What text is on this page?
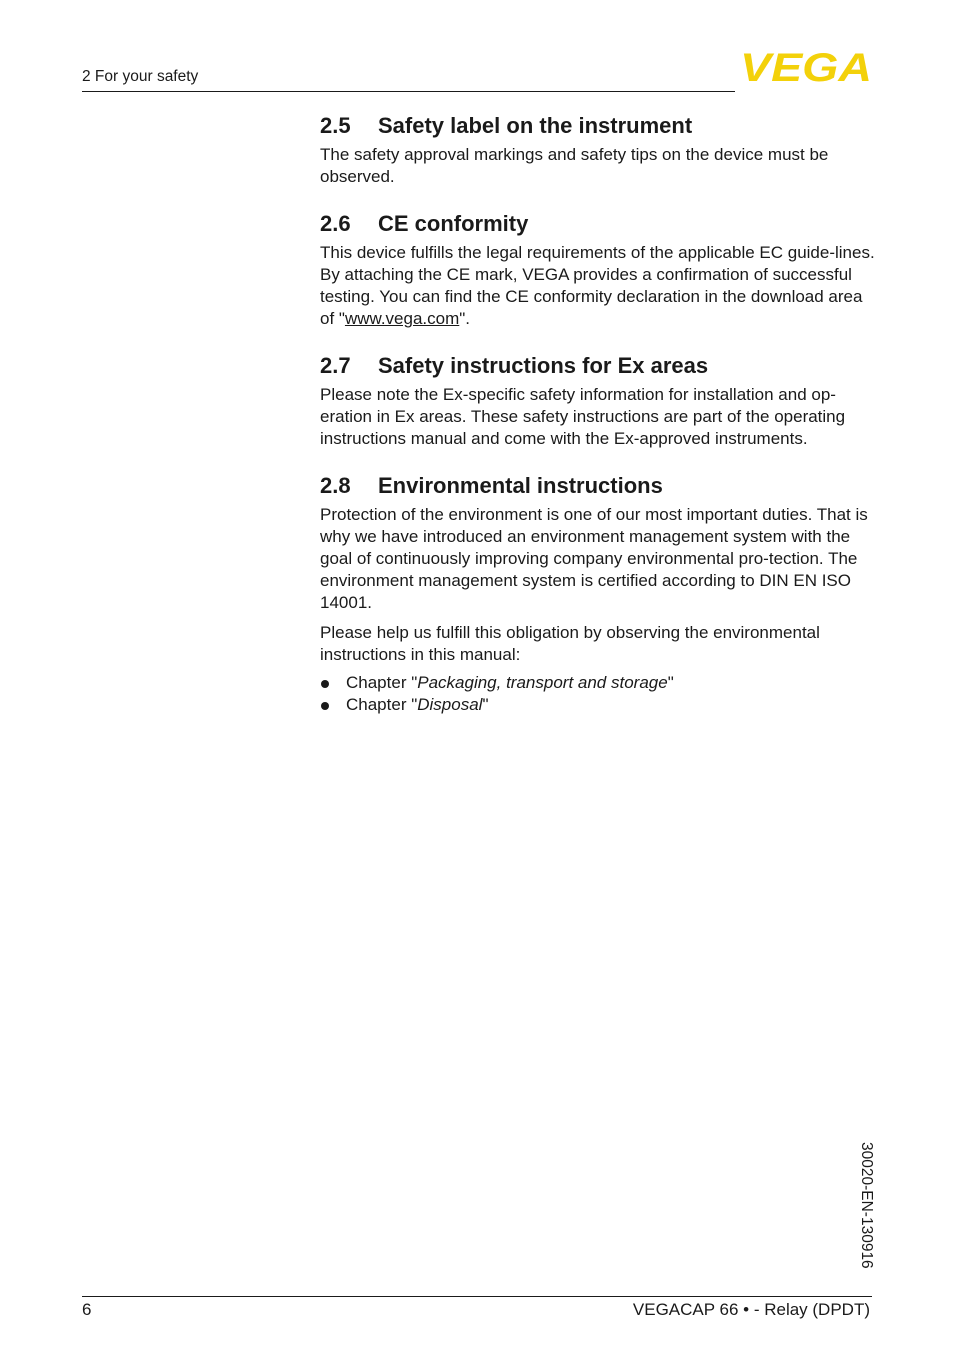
2 For your safety	VEGA
2.5 Safety label on the instrument

The safety approval markings and safety tips on the device must be observed.

2.6 CE conformity

This device fulfills the legal requirements of the applicable EC guide-lines. By attaching the CE mark, VEGA provides a confirmation of successful testing. You can find the CE conformity declaration in the download area of "www.vega.com".

2.7 Safety instructions for Ex areas

Please note the Ex-specific safety information for installation and op-eration in Ex areas. These safety instructions are part of the operating instructions manual and come with the Ex-approved instruments.

2.8 Environmental instructions

Protection of the environment is one of our most important duties. That is why we have introduced an environment management system with the goal of continuously improving company environmental pro-tection. The environment management system is certified according to DIN EN ISO 14001.

Please help us fulfill this obligation by observing the environmental instructions in this manual:

Chapter "Packaging, transport and storage"
Chapter "Disposal"
30020-EN-130916
6	VEGACAP 66 • - Relay (DPDT)
